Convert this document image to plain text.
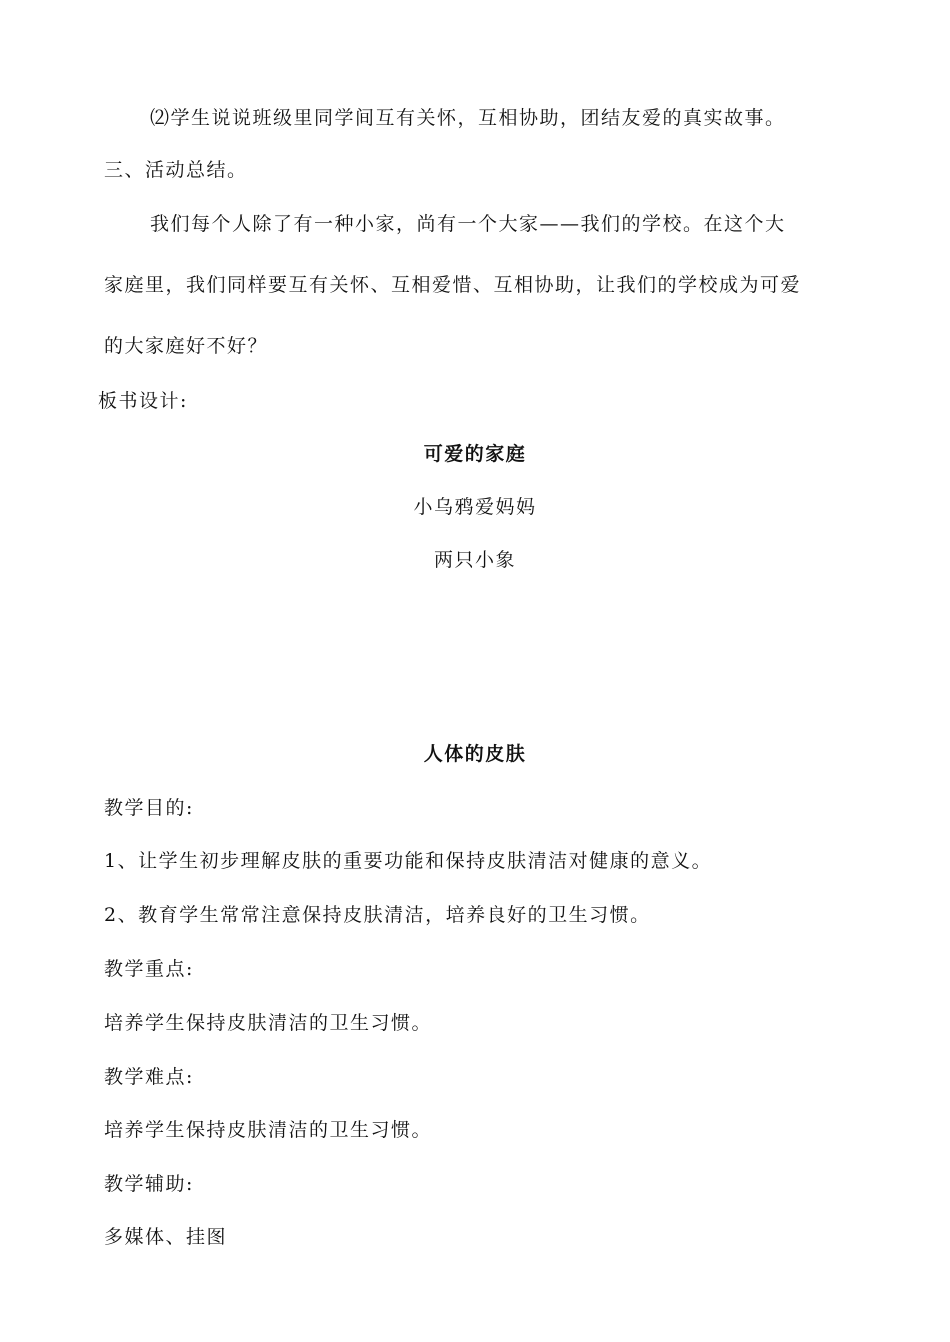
⑵学生说说班级里同学间互有关怀，互相协助，团结友爱的真实故事。
三、活动总结。
我们每个人除了有一种小家，尚有一个大家——我们的学校。在这个大
家庭里，我们同样要互有关怀、互相爱惜、互相协助，让我们的学校成为可爱
的大家庭好不好？
板书设计:
可爱的家庭
小乌鸦爱妈妈
两只小象
人体的皮肤
教学目的:
1、让学生初步理解皮肤的重要功能和保持皮肤清洁对健康的意义。
2、教育学生常常注意保持皮肤清洁，培养良好的卫生习惯。
教学重点:
培养学生保持皮肤清洁的卫生习惯。
教学难点:
培养学生保持皮肤清洁的卫生习惯。
教学辅助:
多媒体、挂图
